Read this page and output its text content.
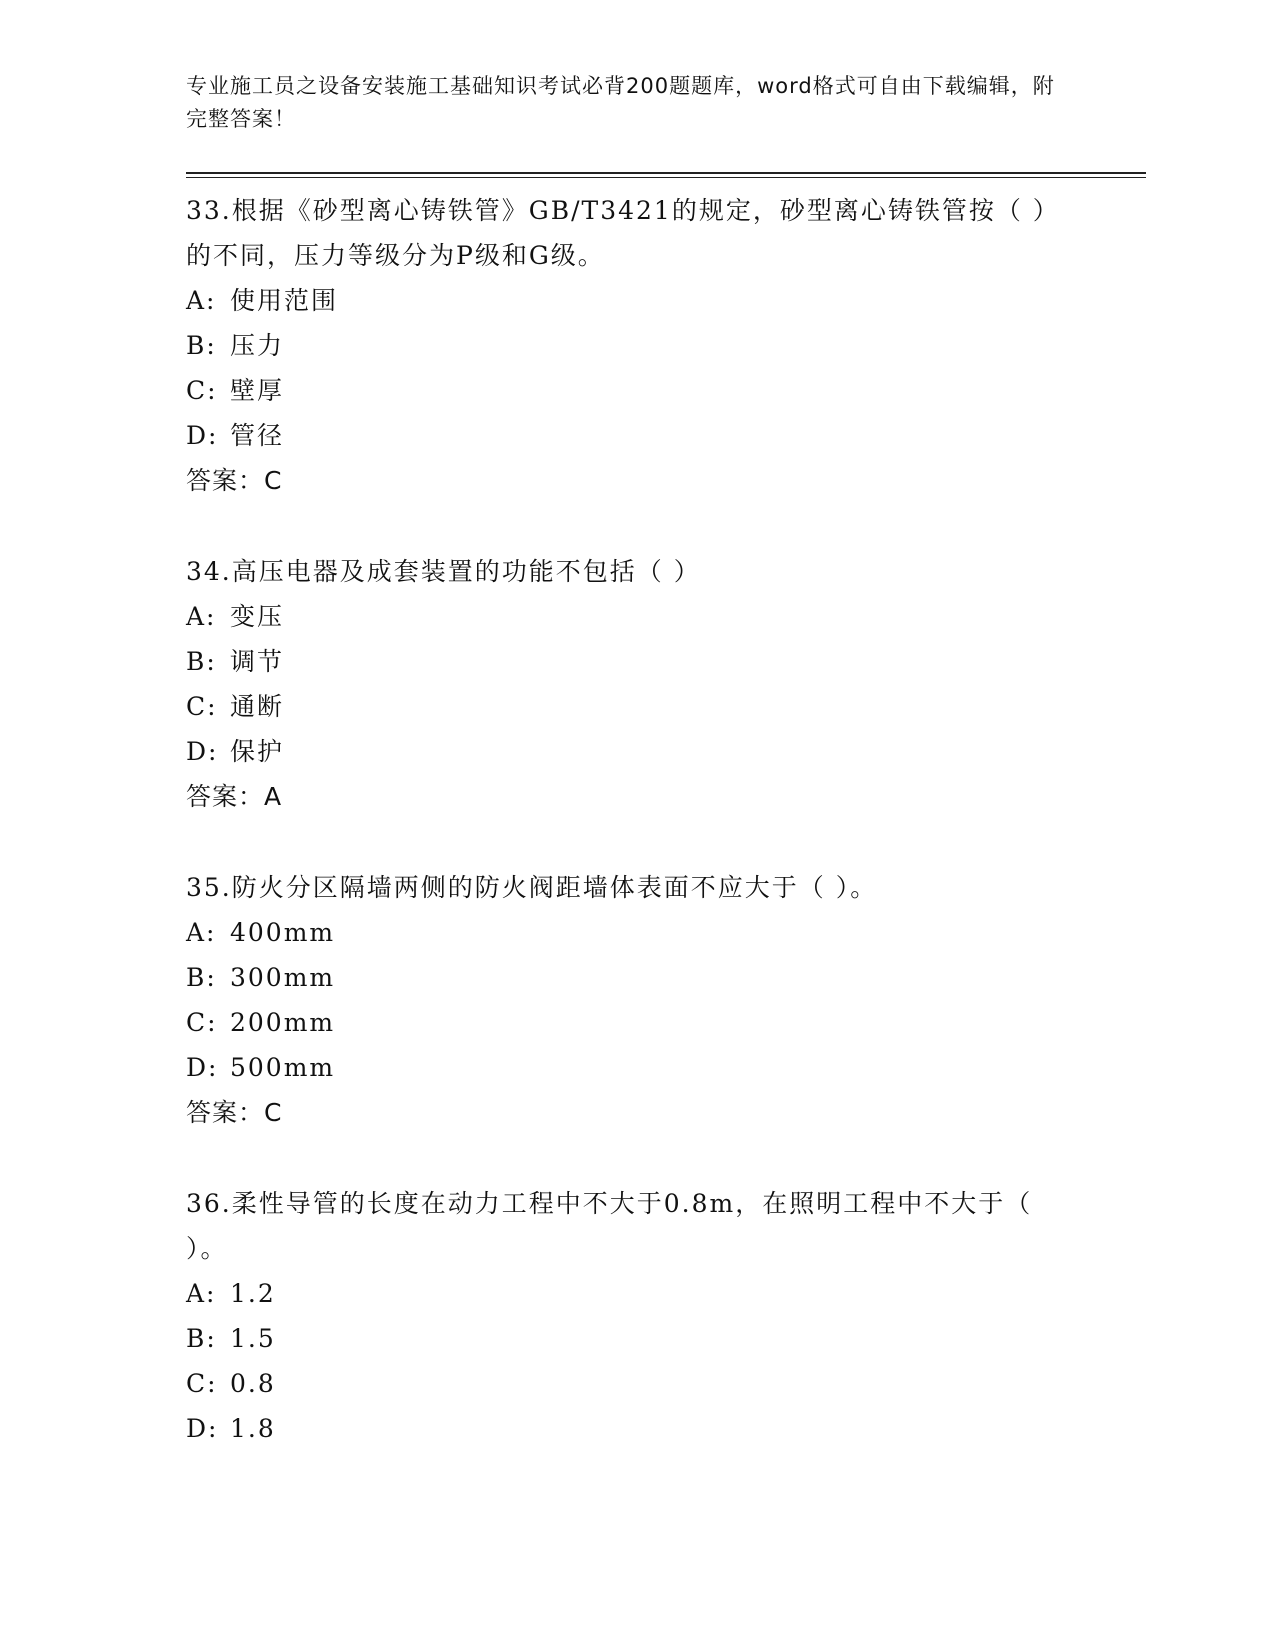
专业施工员之设备安装施工基础知识考试必背200题题库，word格式可自由下载编辑，附完整答案！
33.根据《砂型离心铸铁管》GB/T3421的规定，砂型离心铸铁管按（ ）的不同，压力等级分为P级和G级。
A: 使用范围
B: 压力
C: 壁厚
D: 管径
答案：C
34.高压电器及成套装置的功能不包括（ ）
A: 变压
B: 调节
C: 通断
D: 保护
答案：A
35.防火分区隔墙两侧的防火阀距墙体表面不应大于（ ）。
A: 400mm
B: 300mm
C: 200mm
D: 500mm
答案：C
36.柔性导管的长度在动力工程中不大于0.8m，在照明工程中不大于（ ）。
A: 1.2
B: 1.5
C: 0.8
D: 1.8
